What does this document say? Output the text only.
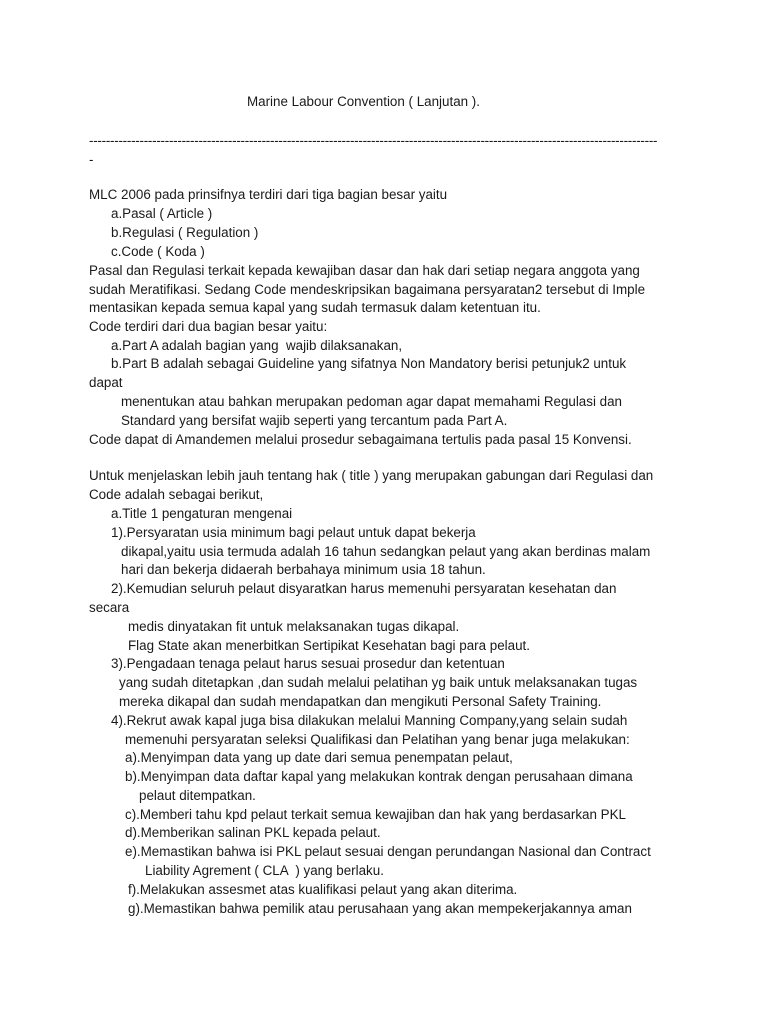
Marine Labour Convention ( Lanjutan ).
---------------------------------------------------------------------------------------------------------------------------------------
-
MLC 2006 pada prinsifnya terdiri dari tiga bagian besar yaitu
a.Pasal ( Article )
b.Regulasi ( Regulation )
c.Code ( Koda )
Pasal dan Regulasi terkait kepada kewajiban dasar dan hak dari setiap negara anggota yang
sudah Meratifikasi. Sedang Code mendeskripsikan bagaimana persyaratan2 tersebut di Imple
mentasikan kepada semua kapal yang sudah termasuk dalam ketentuan itu.
Code terdiri dari dua bagian besar yaitu:
a.Part A adalah bagian yang  wajib dilaksanakan,
b.Part B adalah sebagai Guideline yang sifatnya Non Mandatory berisi petunjuk2 untuk
dapat
menentukan atau bahkan merupakan pedoman agar dapat memahami Regulasi dan
Standard yang bersifat wajib seperti yang tercantum pada Part A.
Code dapat di Amandemen melalui prosedur sebagaimana tertulis pada pasal 15 Konvensi.
Untuk menjelaskan lebih jauh tentang hak ( title ) yang merupakan gabungan dari Regulasi dan
Code adalah sebagai berikut,
a.Title 1 pengaturan mengenai
1).Persyaratan usia minimum bagi pelaut untuk dapat bekerja
dikapal,yaitu usia termuda adalah 16 tahun sedangkan pelaut yang akan berdinas malam
hari dan bekerja didaerah berbahaya minimum usia 18 tahun.
2).Kemudian seluruh pelaut disyaratkan harus memenuhi persyaratan kesehatan dan
secara
medis dinyatakan fit untuk melaksanakan tugas dikapal.
Flag State akan menerbitkan Sertipikat Kesehatan bagi para pelaut.
3).Pengadaan tenaga pelaut harus sesuai prosedur dan ketentuan
yang sudah ditetapkan ,dan sudah melalui pelatihan yg baik untuk melaksanakan tugas
mereka dikapal dan sudah mendapatkan dan mengikuti Personal Safety Training.
4).Rekrut awak kapal juga bisa dilakukan melalui Manning Company,yang selain sudah
memenuhi persyaratan seleksi Qualifikasi dan Pelatihan yang benar juga melakukan:
a).Menyimpan data yang up date dari semua penempatan pelaut,
b).Menyimpan data daftar kapal yang melakukan kontrak dengan perusahaan dimana
pelaut ditempatkan.
c).Memberi tahu kpd pelaut terkait semua kewajiban dan hak yang berdasarkan PKL
d).Memberikan salinan PKL kepada pelaut.
e).Memastikan bahwa isi PKL pelaut sesuai dengan perundangan Nasional dan Contract
Liability Agrement ( CLA  ) yang berlaku.
f).Melakukan assesmet atas kualifikasi pelaut yang akan diterima.
g).Memastikan bahwa pemilik atau perusahaan yang akan mempekerjakannya aman
